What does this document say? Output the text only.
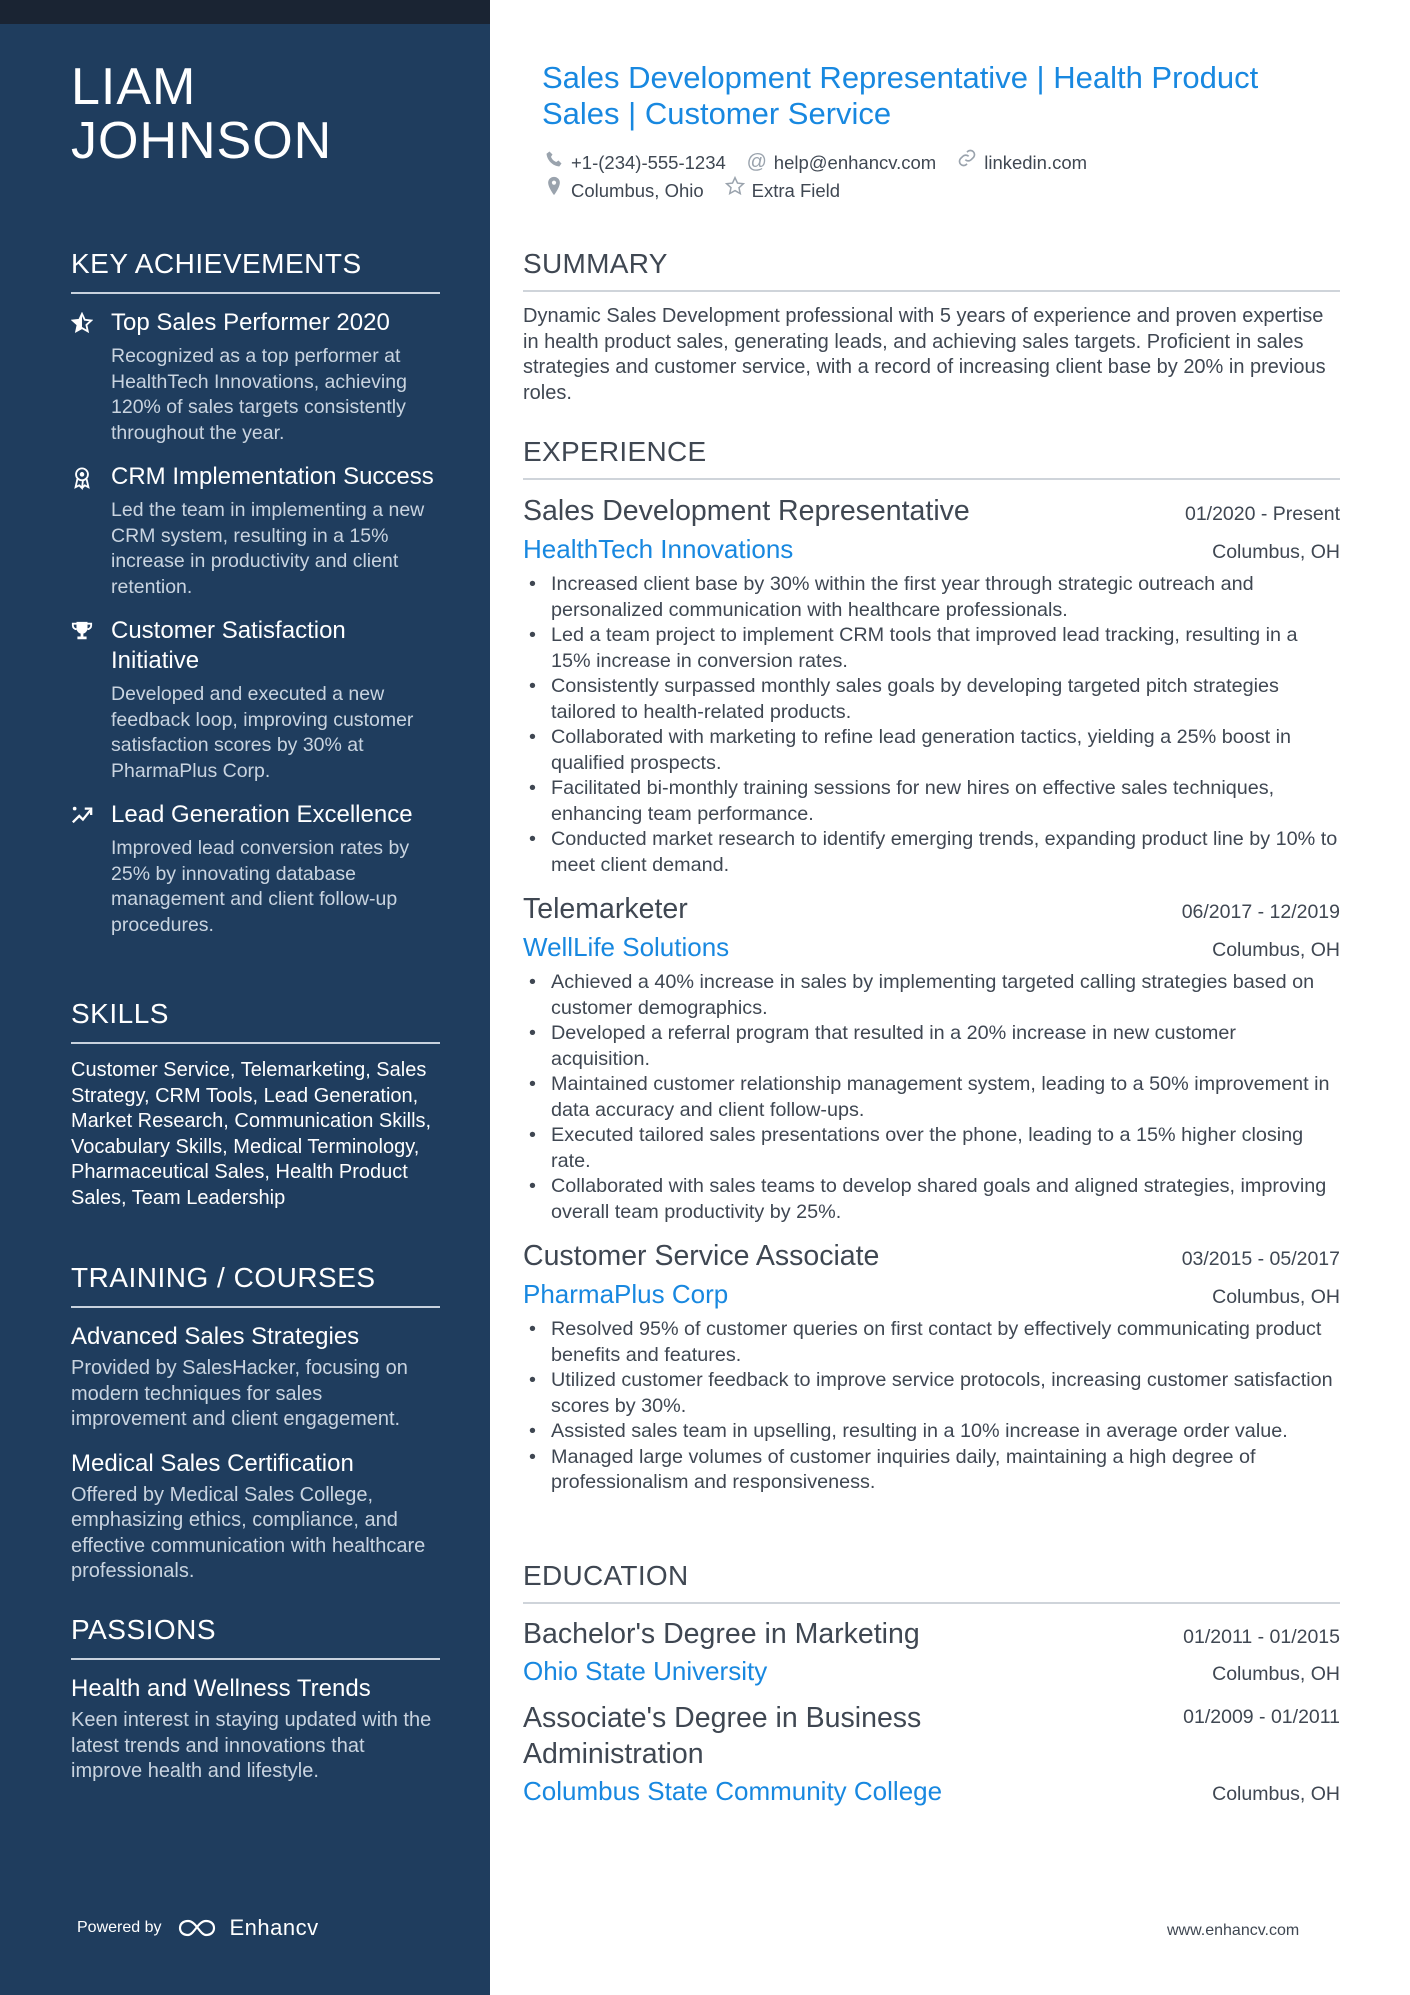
LIAM JOHNSON
KEY ACHIEVEMENTS
Top Sales Performer 2020
Recognized as a top performer at HealthTech Innovations, achieving 120% of sales targets consistently throughout the year.
CRM Implementation Success
Led the team in implementing a new CRM system, resulting in a 15% increase in productivity and client retention.
Customer Satisfaction Initiative
Developed and executed a new feedback loop, improving customer satisfaction scores by 30% at PharmaPlus Corp.
Lead Generation Excellence
Improved lead conversion rates by 25% by innovating database management and client follow-up procedures.
SKILLS
Customer Service, Telemarketing, Sales Strategy, CRM Tools, Lead Generation, Market Research, Communication Skills, Vocabulary Skills, Medical Terminology, Pharmaceutical Sales, Health Product Sales, Team Leadership
TRAINING / COURSES
Advanced Sales Strategies
Provided by SalesHacker, focusing on modern techniques for sales improvement and client engagement.
Medical Sales Certification
Offered by Medical Sales College, emphasizing ethics, compliance, and effective communication with healthcare professionals.
PASSIONS
Health and Wellness Trends
Keen interest in staying updated with the latest trends and innovations that improve health and lifestyle.
Powered by	Enhancv
Sales Development Representative | Health Product Sales | Customer Service
+1-(234)-555-1234 @ help@enhancv.com	linkedin.com
Columbus, Ohio	Extra Field
SUMMARY
Dynamic Sales Development professional with 5 years of experience and proven expertise in health product sales, generating leads, and achieving sales targets. Proficient in sales strategies and customer service, with a record of increasing client base by 20% in previous roles.
EXPERIENCE
Sales Development Representative	01/2020 - Present
HealthTech Innovations	Columbus, OH
• Increased client base by 30% within the first year through strategic outreach and personalized communication with healthcare professionals.
• Led a team project to implement CRM tools that improved lead tracking, resulting in a 15% increase in conversion rates.
• Consistently surpassed monthly sales goals by developing targeted pitch strategies tailored to health-related products.
• Collaborated with marketing to refine lead generation tactics, yielding a 25% boost in qualified prospects.
• Facilitated bi-monthly training sessions for new hires on effective sales techniques, enhancing team performance.
• Conducted market research to identify emerging trends, expanding product line by 10% to meet client demand.
Telemarketer	06/2017 - 12/2019
WellLife Solutions	Columbus, OH
• Achieved a 40% increase in sales by implementing targeted calling strategies based on customer demographics.
• Developed a referral program that resulted in a 20% increase in new customer acquisition.
• Maintained customer relationship management system, leading to a 50% improvement in data accuracy and client follow-ups.
• Executed tailored sales presentations over the phone, leading to a 15% higher closing rate.
• Collaborated with sales teams to develop shared goals and aligned strategies, improving overall team productivity by 25%.
Customer Service Associate	03/2015 - 05/2017
PharmaPlus Corp	Columbus, OH
• Resolved 95% of customer queries on first contact by effectively communicating product benefits and features.
• Utilized customer feedback to improve service protocols, increasing customer satisfaction scores by 30%.
• Assisted sales team in upselling, resulting in a 10% increase in average order value.
• Managed large volumes of customer inquiries daily, maintaining a high degree of professionalism and responsiveness.
EDUCATION
Bachelor's Degree in Marketing	01/2011 - 01/2015
Ohio State University	Columbus, OH
Associate's Degree in Business Administration
01/2009 - 01/2011
Columbus State Community College	Columbus, OH
www.enhancv.com
